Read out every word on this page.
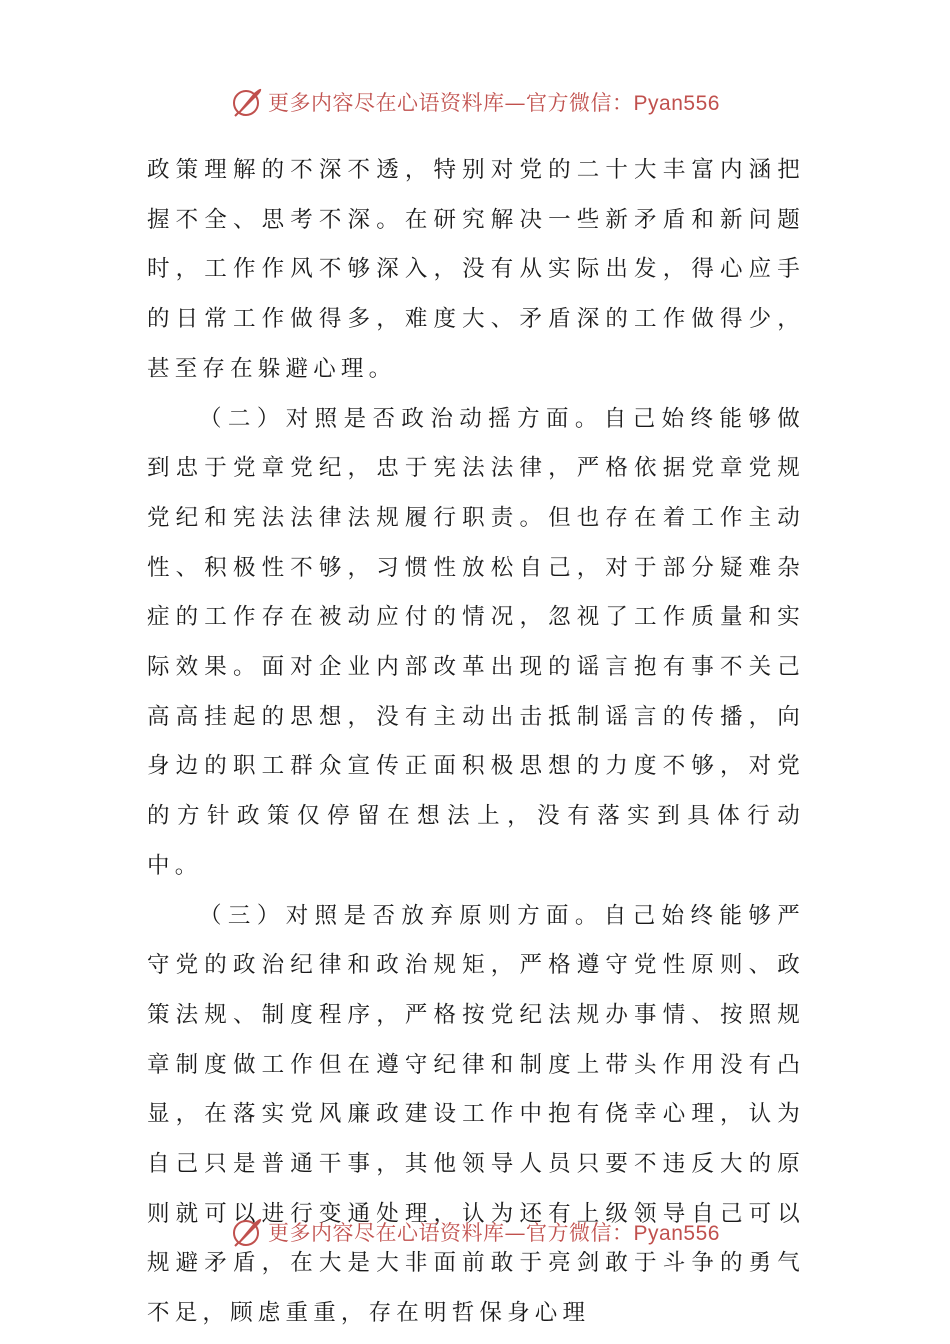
更多内容尽在心语资料库—官方微信：Pyan556

政策理解的不深不透，特别对党的二十大丰富内涵把握不全、思考不深。在研究解决一些新矛盾和新问题时，工作作风不够深入，没有从实际出发，得心应手的日常工作做得多，难度大、矛盾深的工作做得少，甚至存在躲避心理。

（二）对照是否政治动摇方面。自己始终能够做到忠于党章党纪，忠于宪法法律，严格依据党章党规党纪和宪法法律法规履行职责。但也存在着工作主动性、积极性不够，习惯性放松自己，对于部分疑难杂症的工作存在被动应付的情况，忽视了工作质量和实际效果。面对企业内部改革出现的谣言抱有事不关己高高挂起的思想，没有主动出击抵制谣言的传播，向身边的职工群众宣传正面积极思想的力度不够，对党的方针政策仅停留在想法上，没有落实到具体行动中。

（三）对照是否放弃原则方面。自己始终能够严守党的政治纪律和政治规矩，严格遵守党性原则、政策法规、制度程序，严格按党纪法规办事情、按照规章制度做工作但在遵守纪律和制度上带头作用没有凸显，在落实党风廉政建设工作中抱有侥幸心理，认为自己只是普通干事，其他领导人员只要不违反大的原则就可以进行变通处理，认为还有上级领导自己可以规避矛盾，在大是大非面前敢于亮剑敢于斗争的勇气不足，顾虑重重，存在明哲保身心理

更多内容尽在心语资料库—官方微信：Pyan556
